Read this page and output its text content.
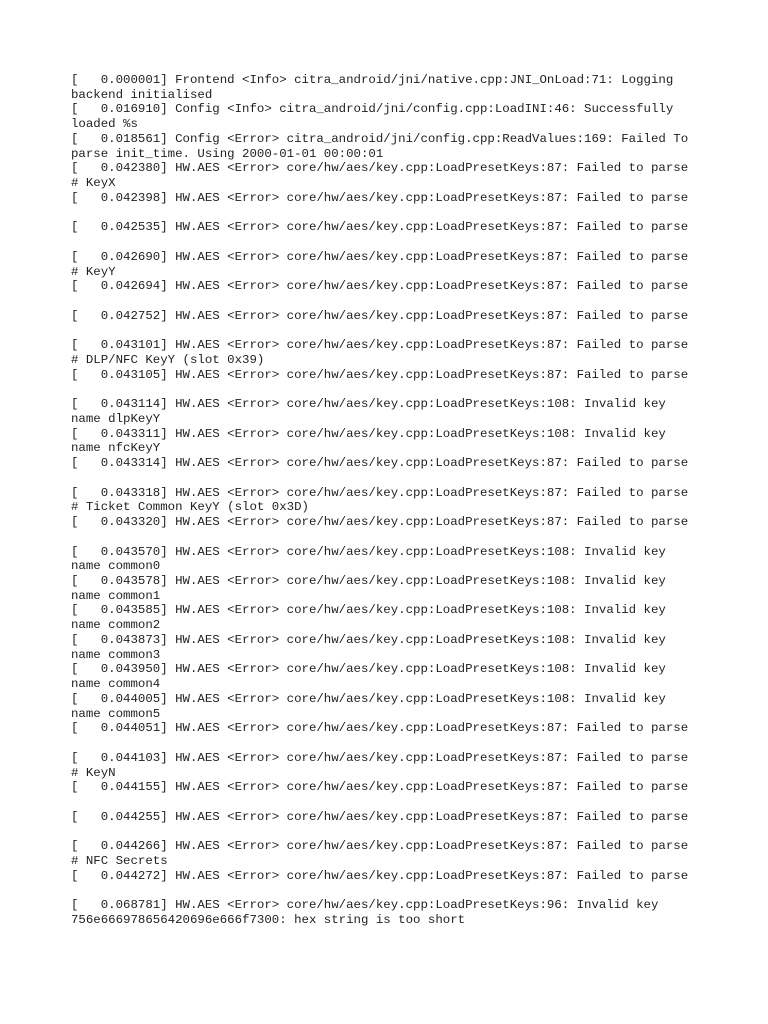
[   0.000001] Frontend <Info> citra_android/jni/native.cpp:JNI_OnLoad:71: Logging
backend initialised
[   0.016910] Config <Info> citra_android/jni/config.cpp:LoadINI:46: Successfully
loaded %s
[   0.018561] Config <Error> citra_android/jni/config.cpp:ReadValues:169: Failed To
parse init_time. Using 2000-01-01 00:00:01
[   0.042380] HW.AES <Error> core/hw/aes/key.cpp:LoadPresetKeys:87: Failed to parse
# KeyX
[   0.042398] HW.AES <Error> core/hw/aes/key.cpp:LoadPresetKeys:87: Failed to parse
[   0.042535] HW.AES <Error> core/hw/aes/key.cpp:LoadPresetKeys:87: Failed to parse
[   0.042690] HW.AES <Error> core/hw/aes/key.cpp:LoadPresetKeys:87: Failed to parse
# KeyY
[   0.042694] HW.AES <Error> core/hw/aes/key.cpp:LoadPresetKeys:87: Failed to parse
[   0.042752] HW.AES <Error> core/hw/aes/key.cpp:LoadPresetKeys:87: Failed to parse
[   0.043101] HW.AES <Error> core/hw/aes/key.cpp:LoadPresetKeys:87: Failed to parse
# DLP/NFC KeyY (slot 0x39)
[   0.043105] HW.AES <Error> core/hw/aes/key.cpp:LoadPresetKeys:87: Failed to parse
[   0.043114] HW.AES <Error> core/hw/aes/key.cpp:LoadPresetKeys:108: Invalid key
name dlpKeyY
[   0.043311] HW.AES <Error> core/hw/aes/key.cpp:LoadPresetKeys:108: Invalid key
name nfcKeyY
[   0.043314] HW.AES <Error> core/hw/aes/key.cpp:LoadPresetKeys:87: Failed to parse
[   0.043318] HW.AES <Error> core/hw/aes/key.cpp:LoadPresetKeys:87: Failed to parse
# Ticket Common KeyY (slot 0x3D)
[   0.043320] HW.AES <Error> core/hw/aes/key.cpp:LoadPresetKeys:87: Failed to parse
[   0.043570] HW.AES <Error> core/hw/aes/key.cpp:LoadPresetKeys:108: Invalid key
name common0
[   0.043578] HW.AES <Error> core/hw/aes/key.cpp:LoadPresetKeys:108: Invalid key
name common1
[   0.043585] HW.AES <Error> core/hw/aes/key.cpp:LoadPresetKeys:108: Invalid key
name common2
[   0.043873] HW.AES <Error> core/hw/aes/key.cpp:LoadPresetKeys:108: Invalid key
name common3
[   0.043950] HW.AES <Error> core/hw/aes/key.cpp:LoadPresetKeys:108: Invalid key
name common4
[   0.044005] HW.AES <Error> core/hw/aes/key.cpp:LoadPresetKeys:108: Invalid key
name common5
[   0.044051] HW.AES <Error> core/hw/aes/key.cpp:LoadPresetKeys:87: Failed to parse
[   0.044103] HW.AES <Error> core/hw/aes/key.cpp:LoadPresetKeys:87: Failed to parse
# KeyN
[   0.044155] HW.AES <Error> core/hw/aes/key.cpp:LoadPresetKeys:87: Failed to parse
[   0.044255] HW.AES <Error> core/hw/aes/key.cpp:LoadPresetKeys:87: Failed to parse
[   0.044266] HW.AES <Error> core/hw/aes/key.cpp:LoadPresetKeys:87: Failed to parse
# NFC Secrets
[   0.044272] HW.AES <Error> core/hw/aes/key.cpp:LoadPresetKeys:87: Failed to parse
[   0.068781] HW.AES <Error> core/hw/aes/key.cpp:LoadPresetKeys:96: Invalid key
756e666978656420696e666f7300: hex string is too short
